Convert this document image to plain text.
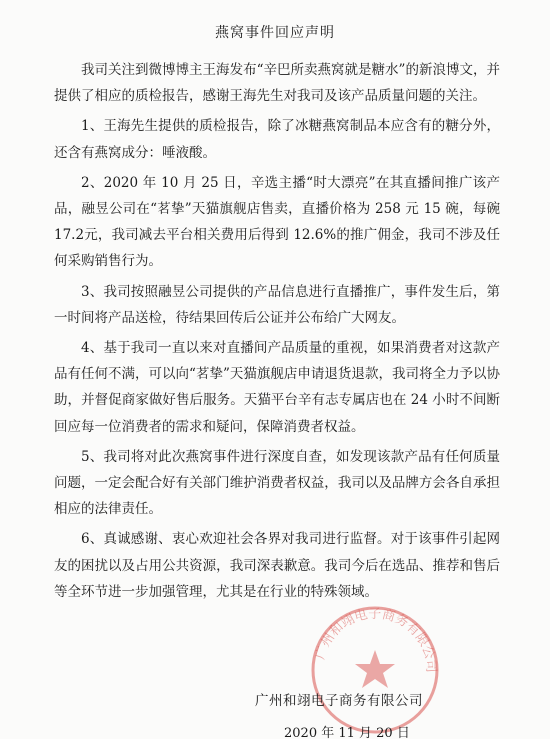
燕窝事件回应声明

我司关注到微博博主王海发布“辛巴所卖燕窝就是糖水”的新浪博文，并提供了相应的质检报告，感谢王海先生对我司及该产品质量问题的关注。

1、王海先生提供的质检报告，除了冰糖燕窝制品本应含有的糖分外，还含有燕窝成分：唾液酸。

2、2020 年 10 月 25 日，辛选主播“时大漂亮”在其直播间推广该产品，融昱公司在“茗挚”天猫旗舰店售卖，直播价格为 258 元 15 碗，每碗 17.2元，我司减去平台相关费用后得到 12.6%的推广佣金，我司不涉及任何采购销售行为。

3、我司按照融昱公司提供的产品信息进行直播推广，事件发生后，第一时间将产品送检，待结果回传后公证并公布给广大网友。

4、基于我司一直以来对直播间产品质量的重视，如果消费者对这款产品有任何不满，可以向“茗挚”天猫旗舰店申请退货退款，我司将全力予以协助，并督促商家做好售后服务。天猫平台辛有志专属店也在 24 小时不间断回应每一位消费者的需求和疑问，保障消费者权益。

5、我司将对此次燕窝事件进行深度自查，如发现该款产品有任何质量问题，一定会配合好有关部门维护消费者权益，我司以及品牌方会各自承担相应的法律责任。

6、真诚感谢、衷心欢迎社会各界对我司进行监督。对于该事件引起网友的困扰以及占用公共资源，我司深表歉意。我司今后在选品、推荐和售后等全环节进一步加强管理，尤其是在行业的特殊领域。

广州和翊电子商务有限公司
广州和翊电子商务有限公司
2020 年 11 月 20 日
